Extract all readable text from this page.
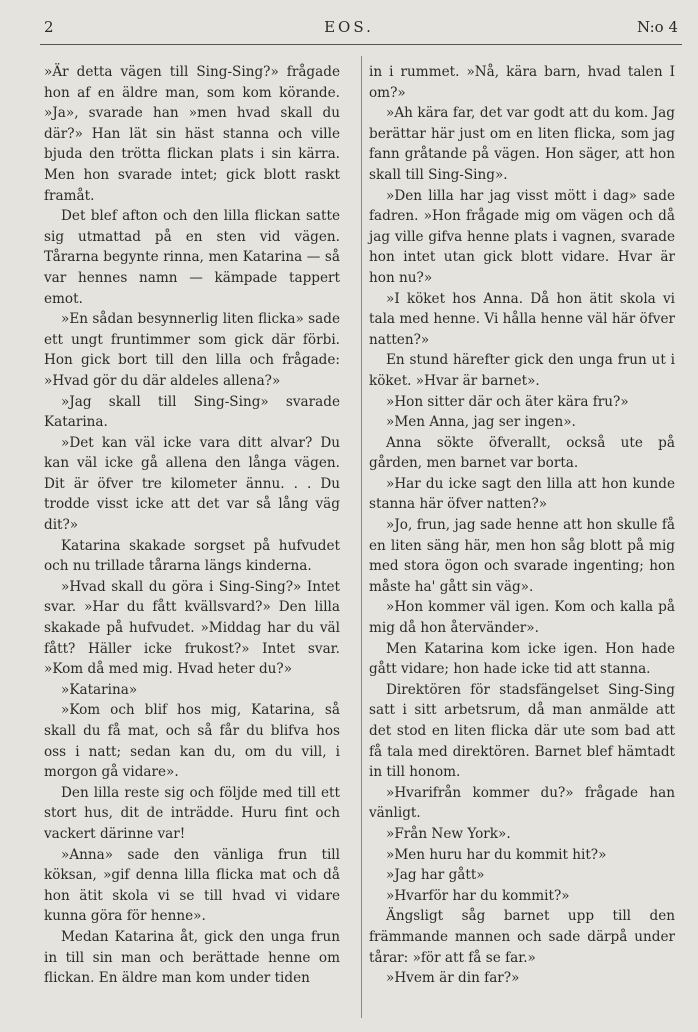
2	EOS.	N:o 4

»Är detta vägen till Sing-Sing?» frågade hon af en äldre man, som kom körande. »Ja», svarade han »men hvad skall du där?» Han lät sin häst stanna och ville bjuda den trötta flickan plats i sin kärra. Men hon svarade intet; gick blott raskt framåt.

Det blef afton och den lilla flickan satte sig utmattad på en sten vid vägen. Tårarna begynte rinna, men Katarina — så var hennes namn — kämpade tappert emot.

»En sådan besynnerlig liten flicka» sade ett ungt fruntimmer som gick där förbi. Hon gick bort till den lilla och frågade: »Hvad gör du där aldeles allena?»

»Jag skall till Sing-Sing» svarade Katarina.

»Det kan väl icke vara ditt alvar? Du kan väl icke gå allena den långa vägen. Dit är öfver tre kilometer ännu. . . Du trodde visst icke att det var så lång väg dit?»

Katarina skakade sorgset på hufvudet och nu trillade tårarna längs kinderna.

»Hvad skall du göra i Sing-Sing?» Intet svar. »Har du fått kvällsvard?» Den lilla skakade på hufvudet. »Middag har du väl fått? Häller icke frukost?» Intet svar. »Kom då med mig. Hvad heter du?»

»Katarina»

»Kom och blif hos mig, Katarina, så skall du få mat, och så får du blifva hos oss i natt; sedan kan du, om du vill, i morgon gå vidare».

Den lilla reste sig och följde med till ett stort hus, dit de inträdde. Huru fint och vackert därinne var!

»Anna» sade den vänliga frun till köksan, »gif denna lilla flicka mat och då hon ätit skola vi se till hvad vi vidare kunna göra för henne».

Medan Katarina åt, gick den unga frun in till sin man och berättade henne om flickan. En äldre man kom under tiden

in i rummet. »Nå, kära barn, hvad talen I om?»

»Ah kära far, det var godt att du kom. Jag berättar här just om en liten flicka, som jag fann gråtande på vägen. Hon säger, att hon skall till Sing-Sing».

»Den lilla har jag visst mött i dag» sade fadren. »Hon frågade mig om vägen och då jag ville gifva henne plats i vagnen, svarade hon intet utan gick blott vidare. Hvar är hon nu?»

»I köket hos Anna. Då hon ätit skola vi tala med henne. Vi hålla henne väl här öfver natten?»

En stund härefter gick den unga frun ut i köket. »Hvar är barnet».

»Hon sitter där och äter kära fru?»

»Men Anna, jag ser ingen».

Anna sökte öfverallt, också ute på gården, men barnet var borta.

»Har du icke sagt den lilla att hon kunde stanna här öfver natten?»

»Jo, frun, jag sade henne att hon skulle få en liten säng här, men hon såg blott på mig med stora ögon och svarade ingenting; hon måste ha' gått sin väg».

»Hon kommer väl igen. Kom och kalla på mig då hon återvänder».

Men Katarina kom icke igen. Hon hade gått vidare; hon hade icke tid att stanna.

Direktören för stadsfängelset Sing-Sing satt i sitt arbetsrum, då man anmälde att det stod en liten flicka där ute som bad att få tala med direktören. Barnet blef hämtadt in till honom.

»Hvarifrån kommer du?» frågade han vänligt.

»Från New York».

»Men huru har du kommit hit?»

»Jag har gått»

»Hvarför har du kommit?»

Ängsligt såg barnet upp till den främmande mannen och sade därpå under tårar: »för att få se far.»

»Hvem är din far?»
